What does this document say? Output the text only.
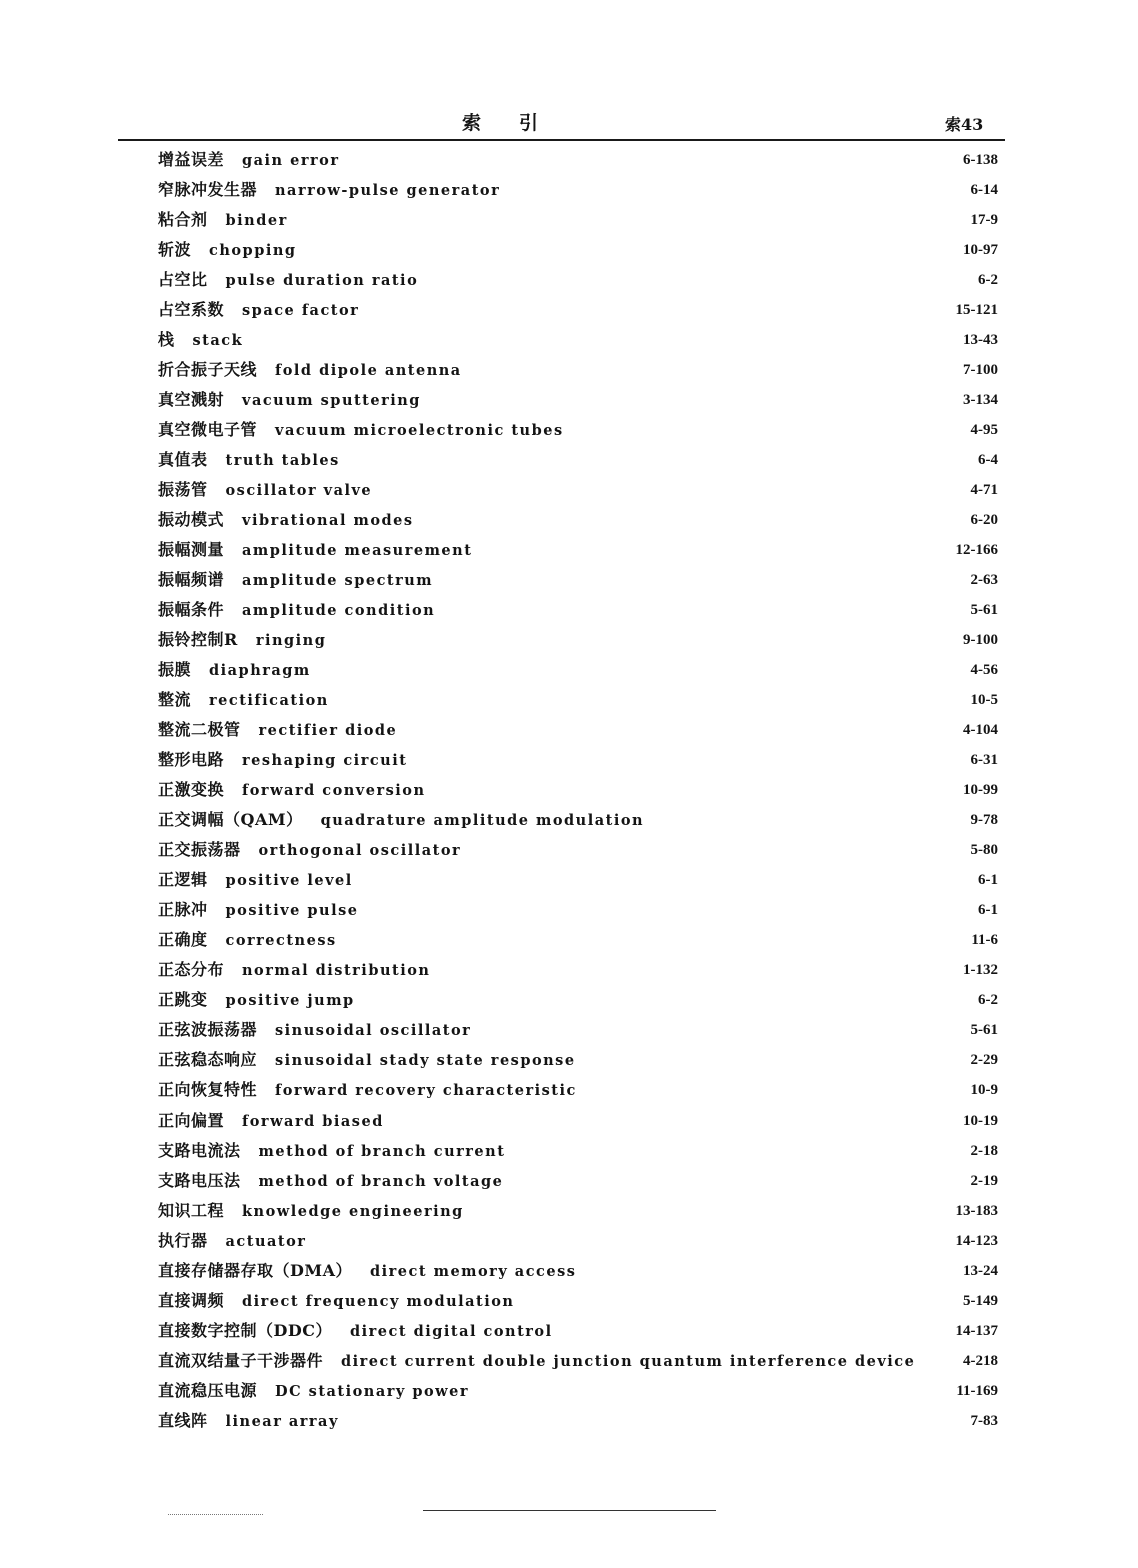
索引	索43
增益误差 gain error	6-138
窄脉冲发生器 narrow-pulse generator	6-14
粘合剂 binder	17-9
斩波 chopping	10-97
占空比 pulse duration ratio	6-2
占空系数 space factor	15-121
栈 stack	13-43
折合振子天线 fold dipole antenna	7-100
真空溅射 vacuum sputtering	3-134
真空微电子管 vacuum microelectronic tubes	4-95
真值表 truth tables	6-4
振荡管 oscillator valve	4-71
振动模式 vibrational modes	6-20
振幅测量 amplitude measurement	12-166
振幅频谱 amplitude spectrum	2-63
振幅条件 amplitude condition	5-61
振铃控制R ringing	9-100
振膜 diaphragm	4-56
整流 rectification	10-5
整流二极管 rectifier diode	4-104
整形电路 reshaping circuit	6-31
正激变换 forward conversion	10-99
正交调幅（QAM） quadrature amplitude modulation	9-78
正交振荡器 orthogonal oscillator	5-80
正逻辑 positive level	6-1
正脉冲 positive pulse	6-1
正确度 correctness	11-6
正态分布 normal distribution	1-132
正跳变 positive jump	6-2
正弦波振荡器 sinusoidal oscillator	5-61
正弦稳态响应 sinusoidal stady state response	2-29
正向恢复特性 forward recovery characteristic	10-9
正向偏置 forward biased	10-19
支路电流法 method of branch current	2-18
支路电压法 method of branch voltage	2-19
知识工程 knowledge engineering	13-183
执行器 actuator	14-123
直接存储器存取（DMA） direct memory access	13-24
直接调频 direct frequency modulation	5-149
直接数字控制（DDC） direct digital control	14-137
直流双结量子干涉器件 direct current double junction quantum interference device	4-218
直流稳压电源 DC stationary power	11-169
直线阵 linear array	7-83
